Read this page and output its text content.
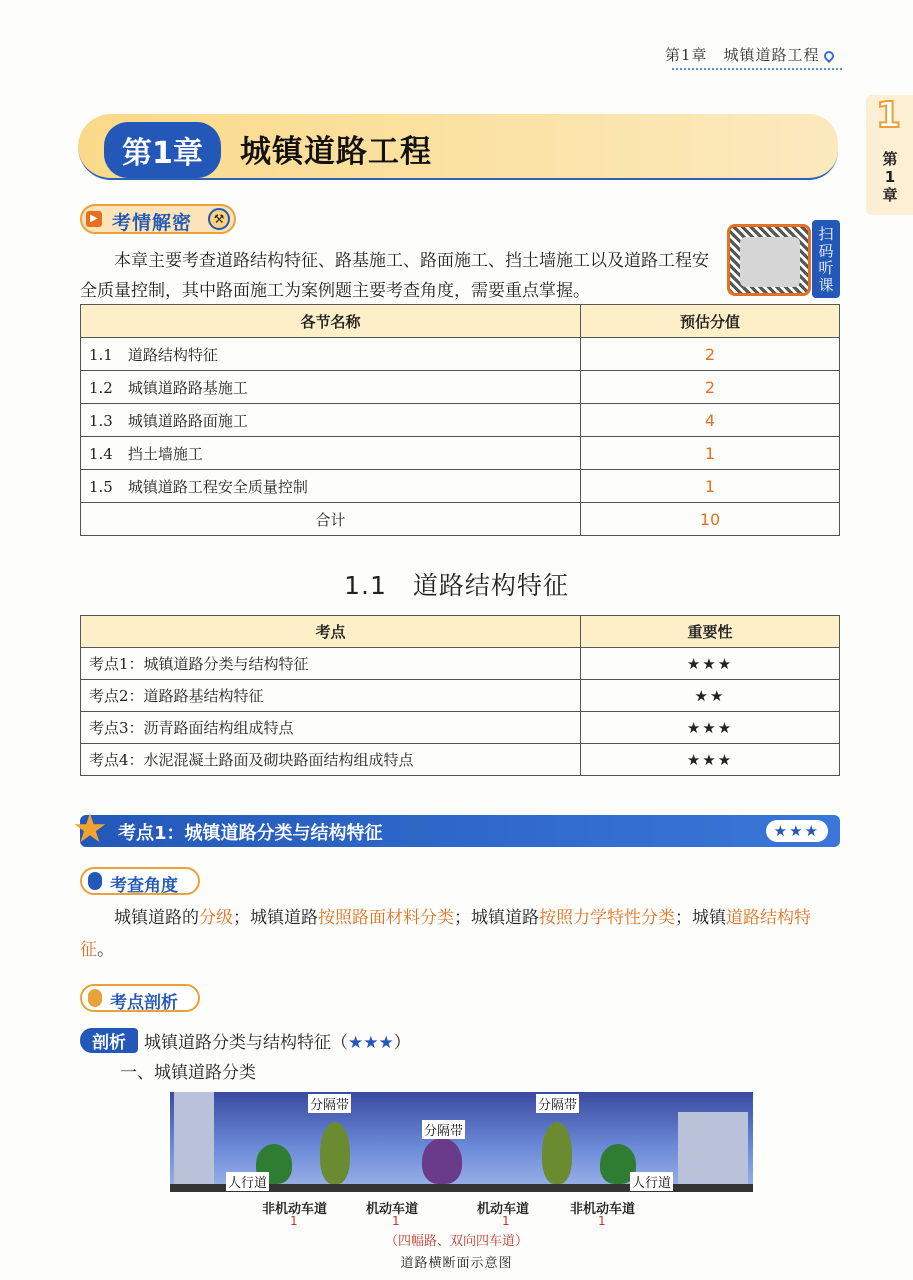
第1章　城镇道路工程
1
第
1
章
第1章	城镇道路工程
▶ 考情解密	⚒

本章主要考查道路结构特征、路基施工、路面施工、挡土墙施工以及道路工程安全质量控制，其中路面施工为案例题主要考查角度，需要重点掌握。

扫
码
听
课
各节名称	预估分值
1.1　道路结构特征	2
1.2　城镇道路路基施工	2
1.3　城镇道路路面施工	4
1.4　挡土墙施工	1
1.5　城镇道路工程安全质量控制	1
合计	10
1.1　道路结构特征
考点	重要性
考点1：城镇道路分类与结构特征	★★★
考点2：道路路基结构特征	★★
考点3：沥青路面结构组成特点	★★★
考点4：水泥混凝土路面及砌块路面结构组成特点	★★★
★ 考点1：城镇道路分类与结构特征	★★★
考查角度

城镇道路的分级；城镇道路按照路面材料分类；城镇道路按照力学特性分类；城镇道路结构特征。

考点剖析
剖析 城镇道路分类与结构特征（★★★）
一、城镇道路分类
分隔带
分隔带
分隔带
人行道	人行道
非机动车道	机动车道	机动车道	非机动车道
1	1	1	1
（四幅路、双向四车道）
道路横断面示意图
